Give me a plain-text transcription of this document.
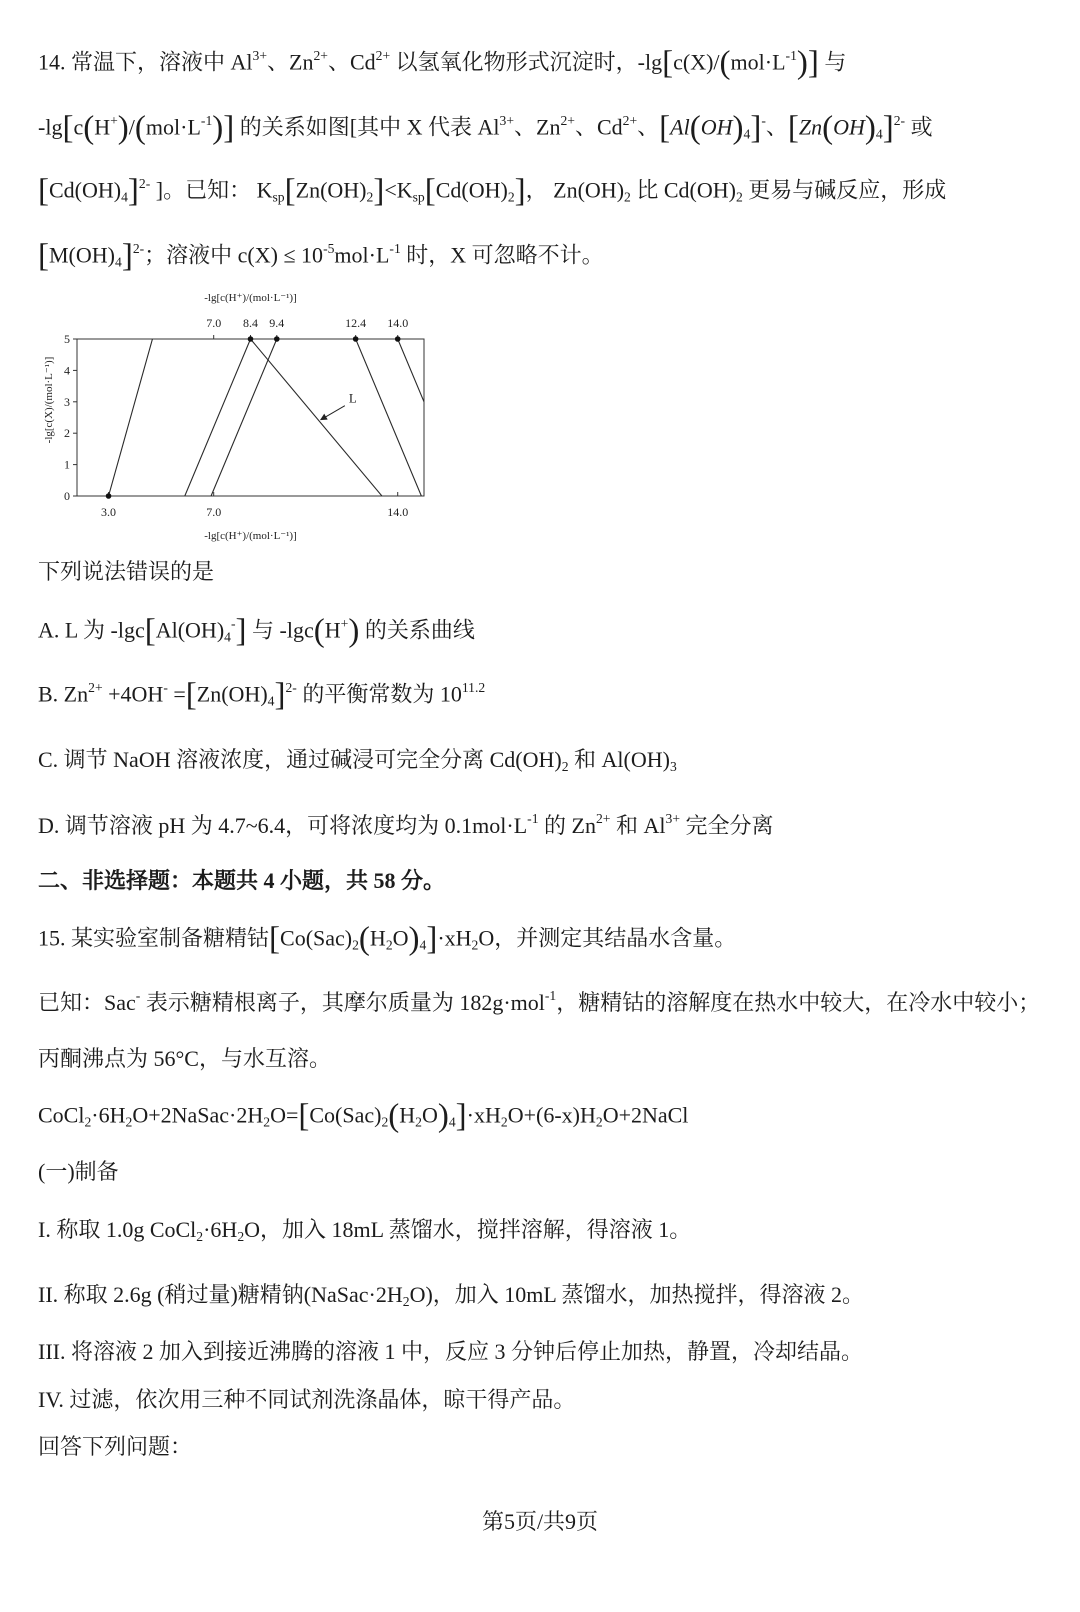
14. 常温下，溶液中 $Al^{3+}$、$Zn^{2+}$、$Cd^{2+}$ 以氢氧化物形式沉淀时，$-\lg[c(X)/(mol\cdot L^{-1})]$ 与
$-\lg[c(H^+)/(mol\cdot L^{-1})]$ 的关系如图[其中 X 代表 $Al^{3+}$、$Zn^{2+}$、$Cd^{2+}$、[Al(OH)4]-、$[Zn(OH)4]^{2-}$ 或
$[Cd(OH)4]^{2-}$ ]。已知： Ksp[Zn(OH)2]<Ksp[Cd(OH)2]， Zn(OH)2 比 Cd(OH)2 更易与碱反应，形成
$[M(OH)4]^{2-}$；溶液中 $c(X) \le 10^{-5}mol\cdot L^{-1}$ 时，X 可忽略不计。
0
1
2
3
4
5
3.0	7.0	14.0
7.0 8.4 9.4	12.4 14.0
L
-lg[c(H⁺)/(mol·L⁻¹)]
-lg[c(H⁺)/(mol·L⁻¹)]
-lg[c(X)/(mol·L⁻¹)]
下列说法错误的是
A. L 为 -lgc[Al(OH)4-] 与 -lgc(H+) 的关系曲线
B. $Zn^{2+} +4OH^- =[Zn(OH)4]^{2-}$ 的平衡常数为 $10^{11.2}$
C. 调节 NaOH 溶液浓度，通过碱浸可完全分离 Cd(OH)2 和 Al(OH)3
D. 调节溶液 pH 为 4.7~6.4，可将浓度均为 $0.1mol\cdot L^{-1}$ 的 $Zn^{2+}$ 和 $Al^{3+}$ 完全分离
二、非选择题：本题共 4 小题，共 58 分。
15. 某实验室制备糖精钴[Co(Sac)2(H2O)4]·xH2O，并测定其结晶水含量。
已知：Sac- 表示糖精根离子，其摩尔质量为 182g·mol$^{-1}$，糖精钴的溶解度在热水中较大，在冷水中较小；
丙酮沸点为 56°C，与水互溶。
CoCl2·6H2O+2NaSac·2H2O=[Co(Sac)2(H2O)4]·xH2O+(6-x)H2O+2NaCl
(一)制备
I. 称取 1.0g CoCl2·6H2O，加入 18mL 蒸馏水，搅拌溶解，得溶液 1。
II. 称取 2.6g (稍过量)糖精钠(NaSac·2H2O)，加入 10mL 蒸馏水，加热搅拌，得溶液 2。
III. 将溶液 2 加入到接近沸腾的溶液 1 中，反应 3 分钟后停止加热，静置，冷却结晶。
IV. 过滤，依次用三种不同试剂洗涤晶体，晾干得产品。
回答下列问题：
第5页/共9页
